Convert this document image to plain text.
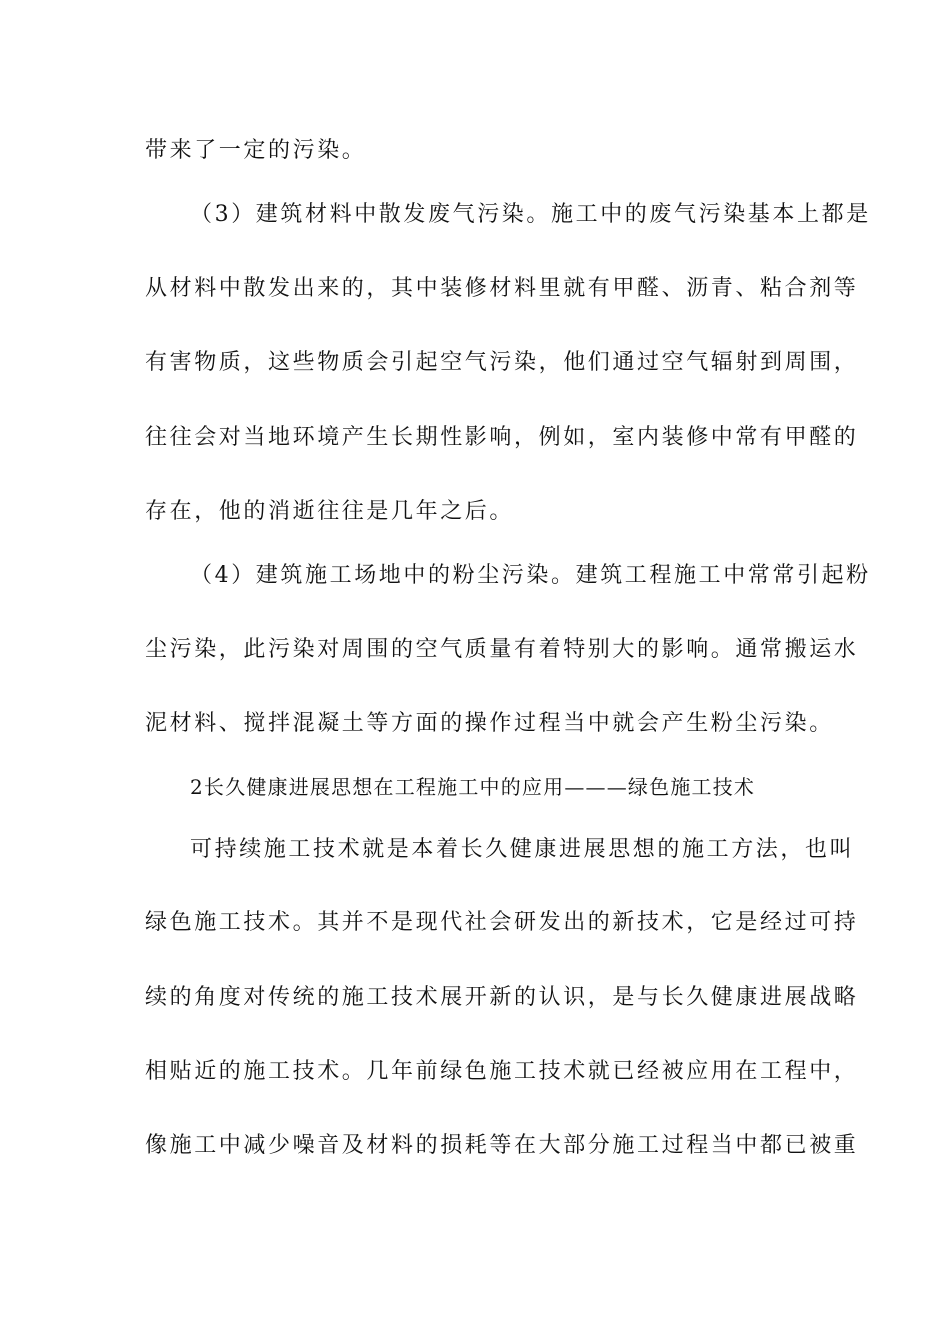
带来了一定的污染。
（3）建筑材料中散发废气污染。施工中的废气污染基本上都是
从材料中散发出来的，其中装修材料里就有甲醛、沥青、粘合剂等
有害物质，这些物质会引起空气污染，他们通过空气辐射到周围，
往往会对当地环境产生长期性影响，例如，室内装修中常有甲醛的
存在，他的消逝往往是几年之后。
（4）建筑施工场地中的粉尘污染。建筑工程施工中常常引起粉
尘污染，此污染对周围的空气质量有着特别大的影响。通常搬运水
泥材料、搅拌混凝土等方面的操作过程当中就会产生粉尘污染。
2长久健康进展思想在工程施工中的应用———绿色施工技术
可持续施工技术就是本着长久健康进展思想的施工方法，也叫
绿色施工技术。其并不是现代社会研发出的新技术，它是经过可持
续的角度对传统的施工技术展开新的认识，是与长久健康进展战略
相贴近的施工技术。几年前绿色施工技术就已经被应用在工程中，
像施工中减少噪音及材料的损耗等在大部分施工过程当中都已被重
